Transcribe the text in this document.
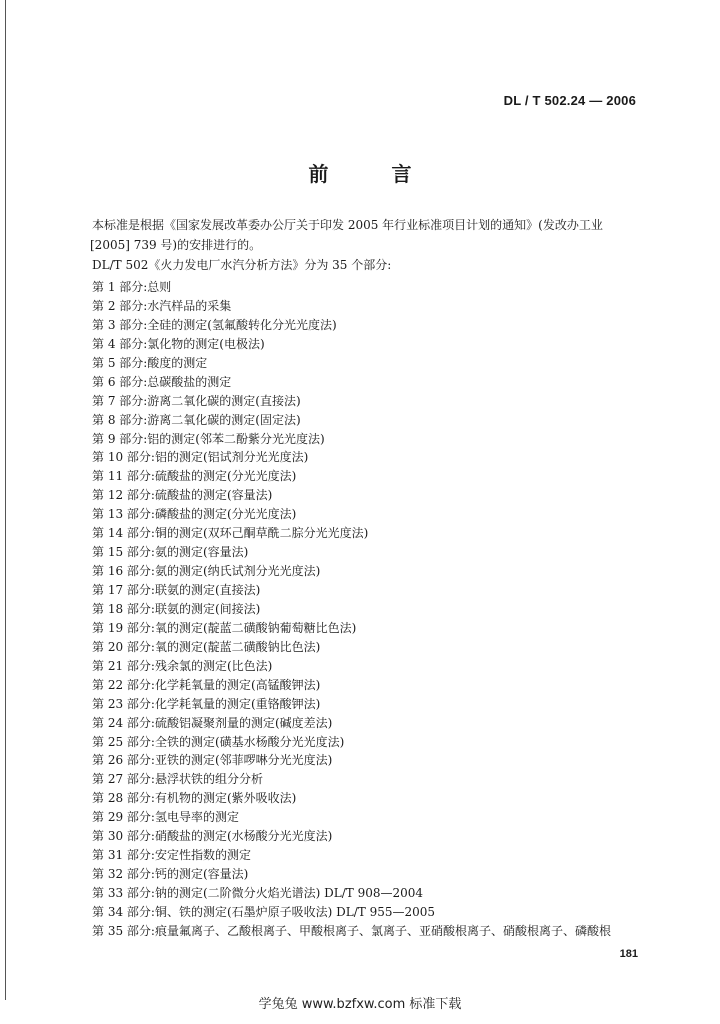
DL / T 502.24 — 2006
前 言
本标准是根据《国家发展改革委办公厅关于印发 2005 年行业标准项目计划的通知》(发改办工业
[2005] 739 号)的安排进行的。
DL/T 502《火力发电厂水汽分析方法》分为 35 个部分:
第 1 部分:总则
第 2 部分:水汽样品的采集
第 3 部分:全硅的测定(氢氟酸转化分光光度法)
第 4 部分:氯化物的测定(电极法)
第 5 部分:酸度的测定
第 6 部分:总碳酸盐的测定
第 7 部分:游离二氧化碳的测定(直接法)
第 8 部分:游离二氧化碳的测定(固定法)
第 9 部分:铝的测定(邻苯二酚紫分光光度法)
第 10 部分:铝的测定(铝试剂分光光度法)
第 11 部分:硫酸盐的测定(分光光度法)
第 12 部分:硫酸盐的测定(容量法)
第 13 部分:磷酸盐的测定(分光光度法)
第 14 部分:铜的测定(双环己酮草酰二腙分光光度法)
第 15 部分:氨的测定(容量法)
第 16 部分:氨的测定(纳氏试剂分光光度法)
第 17 部分:联氨的测定(直接法)
第 18 部分:联氨的测定(间接法)
第 19 部分:氧的测定(靛蓝二磺酸钠葡萄糖比色法)
第 20 部分:氧的测定(靛蓝二磺酸钠比色法)
第 21 部分:残余氯的测定(比色法)
第 22 部分:化学耗氧量的测定(高锰酸钾法)
第 23 部分:化学耗氧量的测定(重铬酸钾法)
第 24 部分:硫酸铝凝聚剂量的测定(碱度差法)
第 25 部分:全铁的测定(磺基水杨酸分光光度法)
第 26 部分:亚铁的测定(邻菲啰啉分光光度法)
第 27 部分:悬浮状铁的组分分析
第 28 部分:有机物的测定(紫外吸收法)
第 29 部分:氢电导率的测定
第 30 部分:硝酸盐的测定(水杨酸分光光度法)
第 31 部分:安定性指数的测定
第 32 部分:钙的测定(容量法)
第 33 部分:钠的测定(二阶微分火焰光谱法) DL/T 908—2004
第 34 部分:铜、铁的测定(石墨炉原子吸收法) DL/T 955—2005
第 35 部分:痕量氟离子、乙酸根离子、甲酸根离子、氯离子、亚硝酸根离子、硝酸根离子、磷酸根
181
学兔兔 www.bzfxw.com 标准下载
